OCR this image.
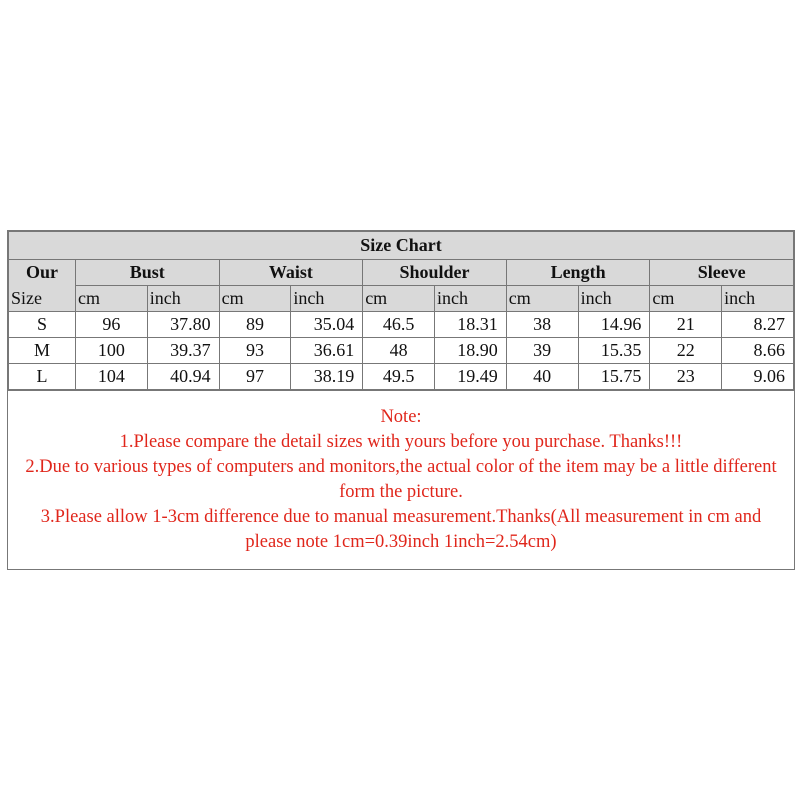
Size Chart										
Our	Bust		Waist		Shoulder		Length		Sleeve	
Size	cm	inch	cm	inch	cm	inch	cm	inch	cm	inch
S	96	37.80	89	35.04	46.5	18.31	38	14.96	21	8.27
M	100	39.37	93	36.61	48	18.90	39	15.35	22	8.66
L	104	40.94	97	38.19	49.5	19.49	40	15.75	23	9.06

Note:

1.Please compare the detail sizes with yours before you purchase. Thanks!!!

2.Due to various types of computers and monitors,the actual color of the item may be a little different form the picture.

3.Please allow 1-3cm difference due to manual measurement.Thanks(All measurement in cm and please note 1cm=0.39inch 1inch=2.54cm)
